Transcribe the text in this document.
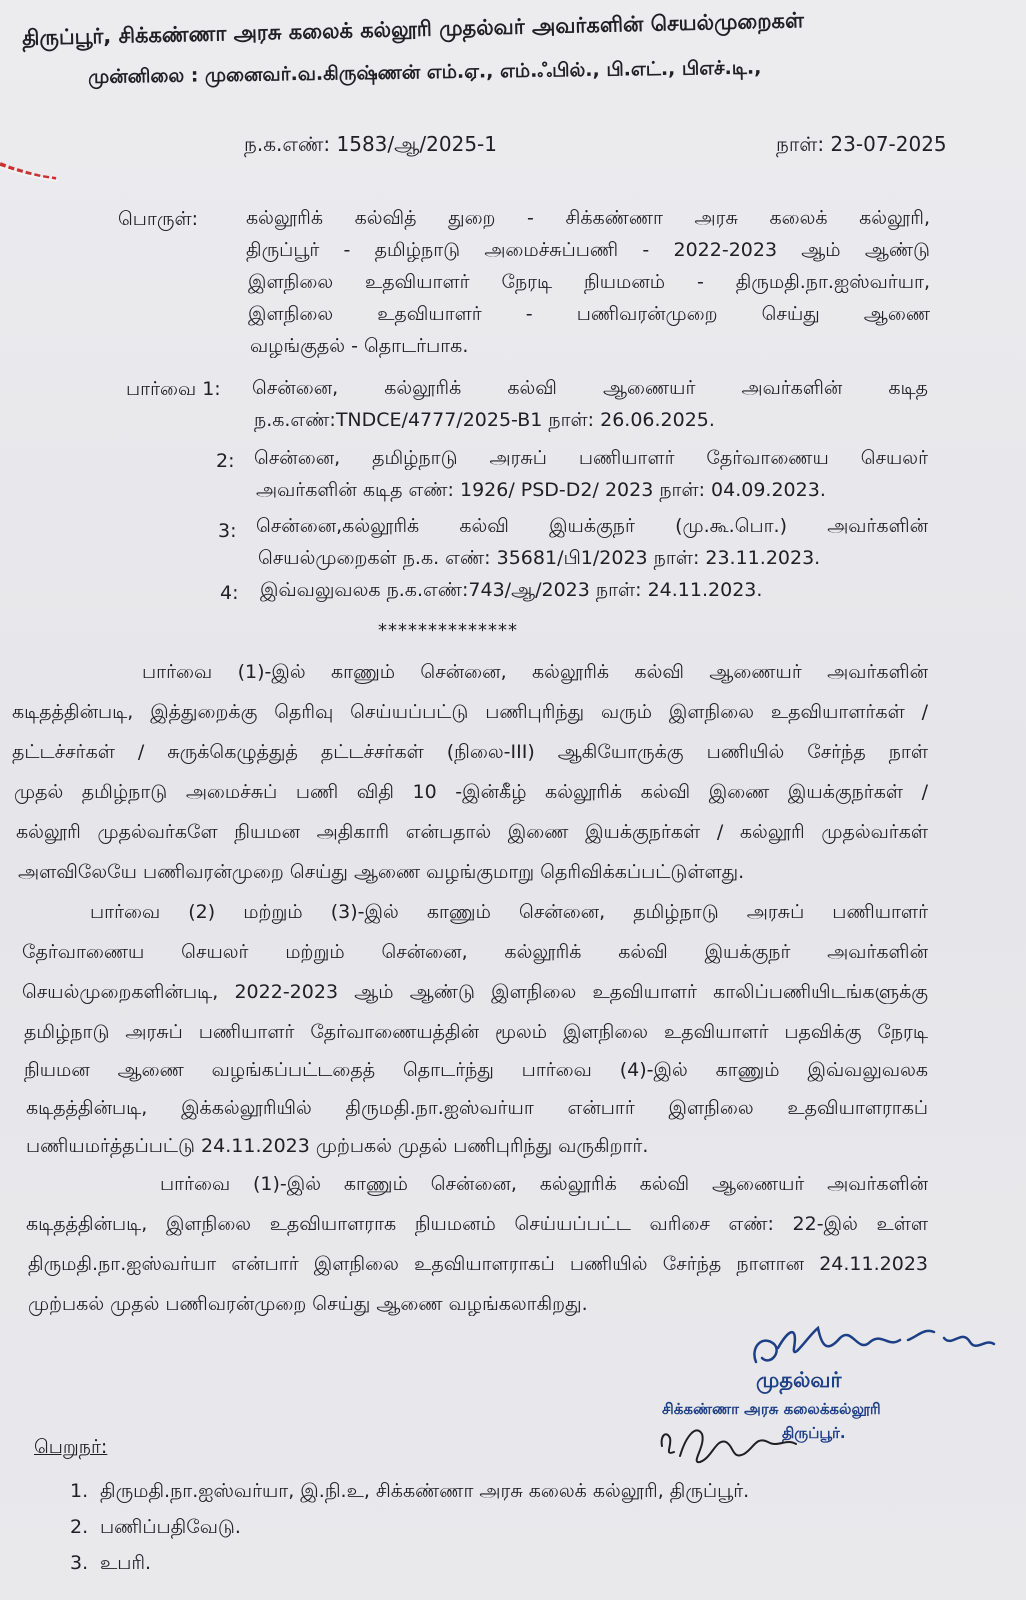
திருப்பூர், சிக்கண்ணா அரசு கலைக் கல்லூரி முதல்வர் அவர்களின் செயல்முறைகள்
முன்னிலை : முனைவர்.வ.கிருஷ்ணன் எம்.ஏ., எம்.ஃபில்., பி.எட்., பிஎச்.டி.,
ந.க.எண்: 1583/ஆ/2025-1	நாள்: 23-07-2025
பொருள்:	கல்லூரிக் கல்வித் துறை - சிக்கண்ணா அரசு கலைக் கல்லூரி,
திருப்பூர் - தமிழ்நாடு அமைச்சுப்பணி - 2022-2023 ஆம் ஆண்டு
இளநிலை உதவியாளர் நேரடி நியமனம் - திருமதி.நா.ஐஸ்வர்யா,
இளநிலை உதவியாளர் - பணிவரன்முறை செய்து ஆணை
வழங்குதல் - தொடர்பாக.
பார்வை 1: சென்னை, கல்லூரிக் கல்வி ஆணையர் அவர்களின் கடித
ந.க.எண்:TNDCE/4777/2025-B1 நாள்: 26.06.2025.
2: சென்னை, தமிழ்நாடு அரசுப் பணியாளர் தேர்வாணைய செயலர்
அவர்களின் கடித எண்: 1926/ PSD-D2/ 2023 நாள்: 04.09.2023.
3: சென்னை,கல்லூரிக் கல்வி இயக்குநர் (மு.கூ.பொ.) அவர்களின்
செயல்முறைகள் ந.க. எண்: 35681/பி1/2023 நாள்: 23.11.2023.
4: இவ்வலுவலக ந.க.எண்:743/ஆ/2023 நாள்: 24.11.2023.
**************
பார்வை (1)-இல் காணும் சென்னை, கல்லூரிக் கல்வி ஆணையர் அவர்களின்
கடிதத்தின்படி, இத்துறைக்கு தெரிவு செய்யப்பட்டு பணிபுரிந்து வரும் இளநிலை உதவியாளர்கள் /
தட்டச்சர்கள் / சுருக்கெழுத்துத் தட்டச்சர்கள் (நிலை-III) ஆகியோருக்கு பணியில் சேர்ந்த நாள்
முதல் தமிழ்நாடு அமைச்சுப் பணி விதி 10 -இன்கீழ் கல்லூரிக் கல்வி இணை இயக்குநர்கள் /
கல்லூரி முதல்வர்களே நியமன அதிகாரி என்பதால் இணை இயக்குநர்கள் / கல்லூரி முதல்வர்கள்
அளவிலேயே பணிவரன்முறை செய்து ஆணை வழங்குமாறு தெரிவிக்கப்பட்டுள்ளது.
பார்வை (2) மற்றும் (3)-இல் காணும் சென்னை, தமிழ்நாடு அரசுப் பணியாளர்
தேர்வாணைய செயலர் மற்றும் சென்னை, கல்லூரிக் கல்வி இயக்குநர் அவர்களின்
செயல்முறைகளின்படி, 2022-2023 ஆம் ஆண்டு இளநிலை உதவியாளர் காலிப்பணியிடங்களுக்கு
தமிழ்நாடு அரசுப் பணியாளர் தேர்வாணையத்தின் மூலம் இளநிலை உதவியாளர் பதவிக்கு நேரடி
நியமன ஆணை வழங்கப்பட்டதைத் தொடர்ந்து பார்வை (4)-இல் காணும் இவ்வலுவலக
கடிதத்தின்படி, இக்கல்லூரியில் திருமதி.நா.ஐஸ்வர்யா என்பார் இளநிலை உதவியாளராகப்
பணியமர்த்தப்பட்டு 24.11.2023 முற்பகல் முதல் பணிபுரிந்து வருகிறார்.
பார்வை (1)-இல் காணும் சென்னை, கல்லூரிக் கல்வி ஆணையர் அவர்களின்
கடிதத்தின்படி, இளநிலை உதவியாளராக நியமனம் செய்யப்பட்ட வரிசை எண்: 22-இல் உள்ள
திருமதி.நா.ஐஸ்வர்யா என்பார் இளநிலை உதவியாளராகப் பணியில் சேர்ந்த நாளான 24.11.2023
முற்பகல் முதல் பணிவரன்முறை செய்து ஆணை வழங்கலாகிறது.
முதல்வர்
சிக்கண்ணா அரசு கலைக்கல்லூரி
திருப்பூர்.
பெறுநர்:
1. திருமதி.நா.ஐஸ்வர்யா, இ.நி.உ, சிக்கண்ணா அரசு கலைக் கல்லூரி, திருப்பூர்.
2. பணிப்பதிவேடு.
3. உபரி.
